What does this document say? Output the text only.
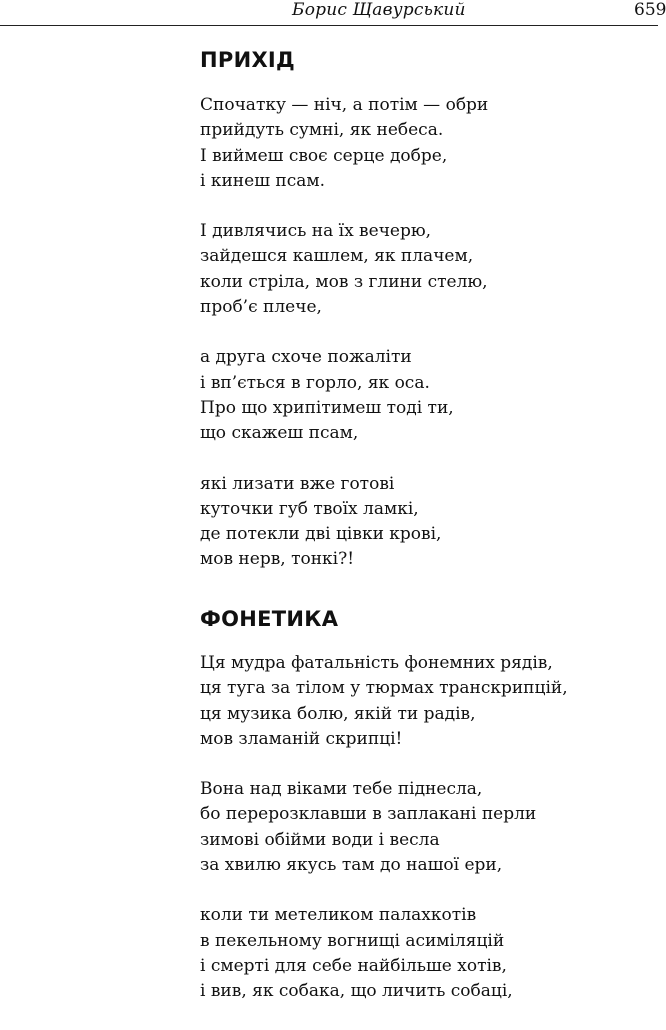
Борис Щавурський	659
ПРИХІД
Спочатку — ніч, а потім — обри
прийдуть сумні, як небеса.
І виймеш своє серце добре,
і кинеш псам.
І дивлячись на їх вечерю,
зайдешся кашлем, як плачем,
коли стріла, мов з глини стелю,
проб’є плече,
а друга схоче пожаліти
і вп’ється в горло, як оса.
Про що хрипітимеш тоді ти,
що скажеш псам,
які лизати вже готові
куточки губ твоїх ламкі,
де потекли дві цівки крові,
мов нерв, тонкі?!
ФОНЕТИКА
Ця мудра фатальність фонемних рядів,
ця туга за тілом у тюрмах транскрипцій,
ця музика болю, якій ти радів,
мов зламаній скрипці!
Вона над віками тебе піднесла,
бо перерозклавши в заплакані перли
зимові обійми води і весла
за хвилю якусь там до нашої ери,
коли ти метеликом палахкотів
в пекельному вогнищі асиміляцій
і смерті для себе найбільше хотів,
і вив, як собака, що личить собаці,
